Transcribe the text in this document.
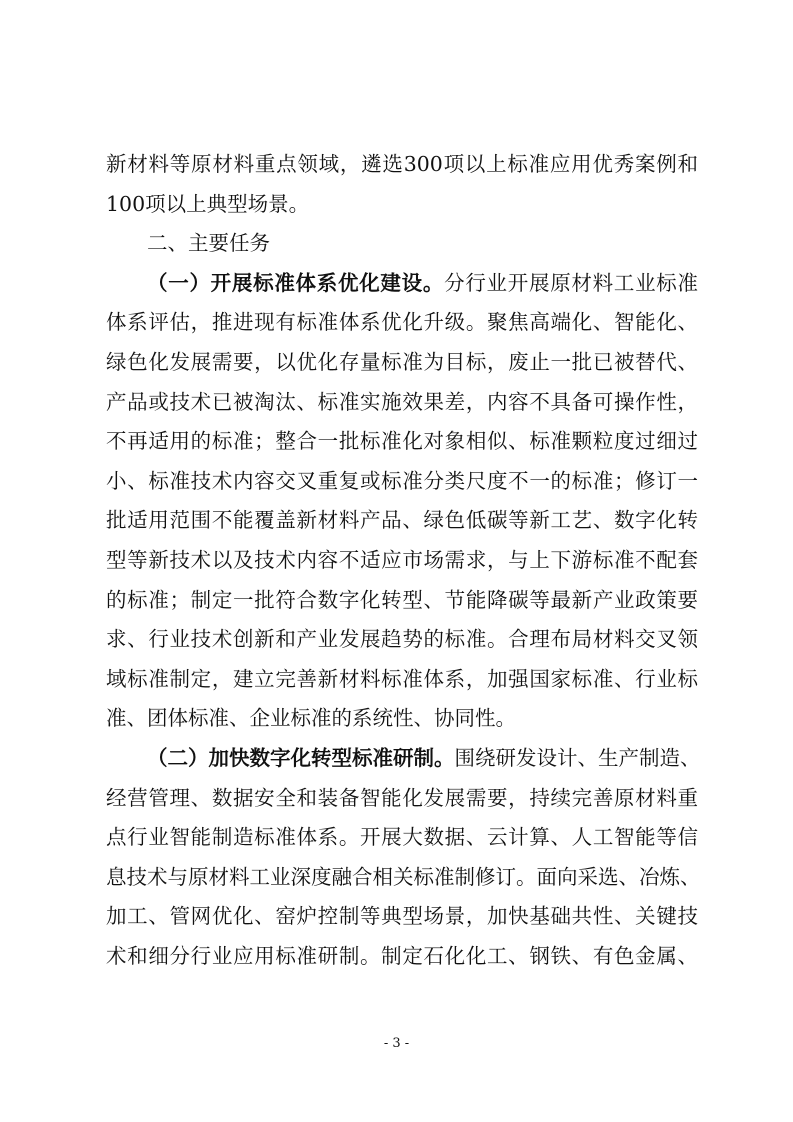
新材料等原材料重点领域，遴选300项以上标准应用优秀案例和
100项以上典型场景。
二、主要任务
（一）开展标准体系优化建设。分行业开展原材料工业标准
体系评估，推进现有标准体系优化升级。聚焦高端化、智能化、
绿色化发展需要，以优化存量标准为目标，废止一批已被替代、
产品或技术已被淘汰、标准实施效果差，内容不具备可操作性，
不再适用的标准；整合一批标准化对象相似、标准颗粒度过细过
小、标准技术内容交叉重复或标准分类尺度不一的标准；修订一
批适用范围不能覆盖新材料产品、绿色低碳等新工艺、数字化转
型等新技术以及技术内容不适应市场需求，与上下游标准不配套
的标准；制定一批符合数字化转型、节能降碳等最新产业政策要
求、行业技术创新和产业发展趋势的标准。合理布局材料交叉领
域标准制定，建立完善新材料标准体系，加强国家标准、行业标
准、团体标准、企业标准的系统性、协同性。
（二）加快数字化转型标准研制。围绕研发设计、生产制造、
经营管理、数据安全和装备智能化发展需要，持续完善原材料重
点行业智能制造标准体系。开展大数据、云计算、人工智能等信
息技术与原材料工业深度融合相关标准制修订。面向采选、冶炼、
加工、管网优化、窑炉控制等典型场景，加快基础共性、关键技
术和细分行业应用标准研制。制定石化化工、钢铁、有色金属、
- 3 -
